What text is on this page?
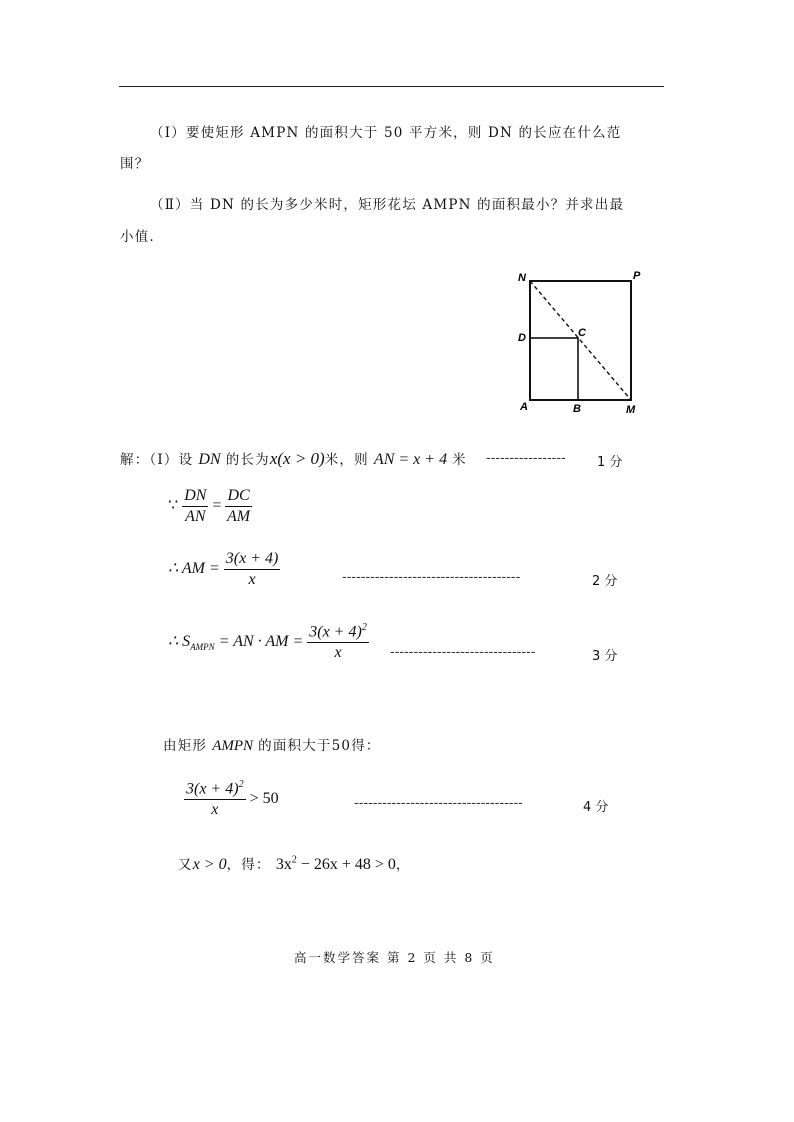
（Ⅰ）要使矩形 AMPN 的面积大于 50 平方米，则 DN 的长应在什么范
围？
（Ⅱ）当 DN 的长为多少米时，矩形花坛 AMPN 的面积最小？并求出最
小值.
N	P
D	C
A	B	M
解：（Ⅰ）设 DN 的长为x(x > 0)米，则 AN = x + 4 米 ----------------- 1 分
∵ $\frac{DN}{AN} = \frac{DC}{AM}$
∴ AM = $\frac{3(x + 4)}{x}$	--------------------------------------	2 分
∴ $S_{AMPN}$ = AN · AM = $\frac{3(x + 4)^2}{x}$ -------------------------------	3 分
由矩形 AMPN 的面积大于50得：
$\frac{3(x + 4)^2}{x} > 50$	------------------------------------	4 分
又x > 0，得： $3x^2 - 26x + 48 > 0$，
高一数学答案 第 2 页 共 8 页
